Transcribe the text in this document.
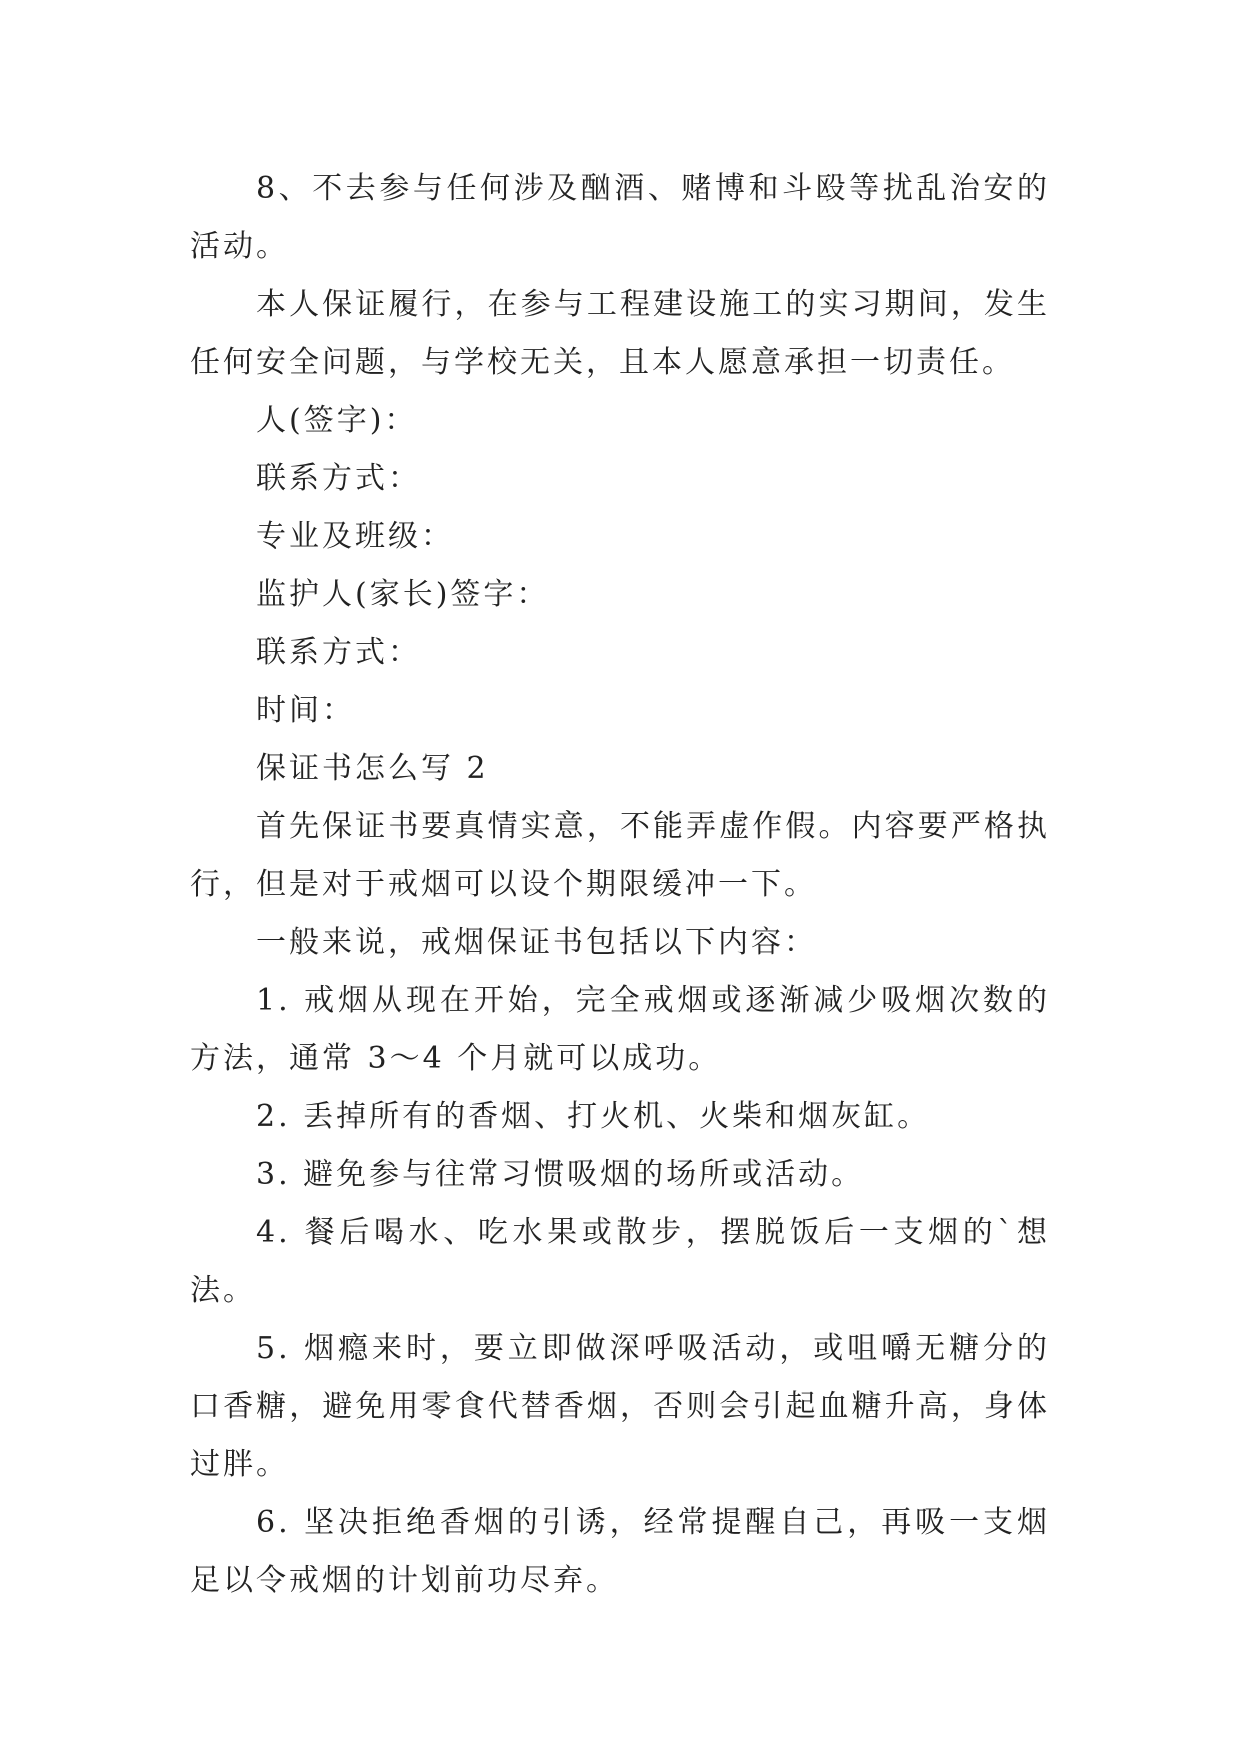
8、不去参与任何涉及酗酒、赌博和斗殴等扰乱治安的活动。

本人保证履行，在参与工程建设施工的实习期间，发生任何安全问题，与学校无关，且本人愿意承担一切责任。

人(签字)：

联系方式：

专业及班级：

监护人(家长)签字：

联系方式：

时间：

保证书怎么写 2

首先保证书要真情实意，不能弄虚作假。内容要严格执行，但是对于戒烟可以设个期限缓冲一下。

一般来说，戒烟保证书包括以下内容：

1. 戒烟从现在开始，完全戒烟或逐渐减少吸烟次数的方法，通常 3～4 个月就可以成功。

2. 丢掉所有的香烟、打火机、火柴和烟灰缸。

3. 避免参与往常习惯吸烟的场所或活动。

4. 餐后喝水、吃水果或散步，摆脱饭后一支烟的`想法。

5. 烟瘾来时，要立即做深呼吸活动，或咀嚼无糖分的口香糖，避免用零食代替香烟，否则会引起血糖升高，身体过胖。

6. 坚决拒绝香烟的引诱，经常提醒自己，再吸一支烟足以令戒烟的计划前功尽弃。
